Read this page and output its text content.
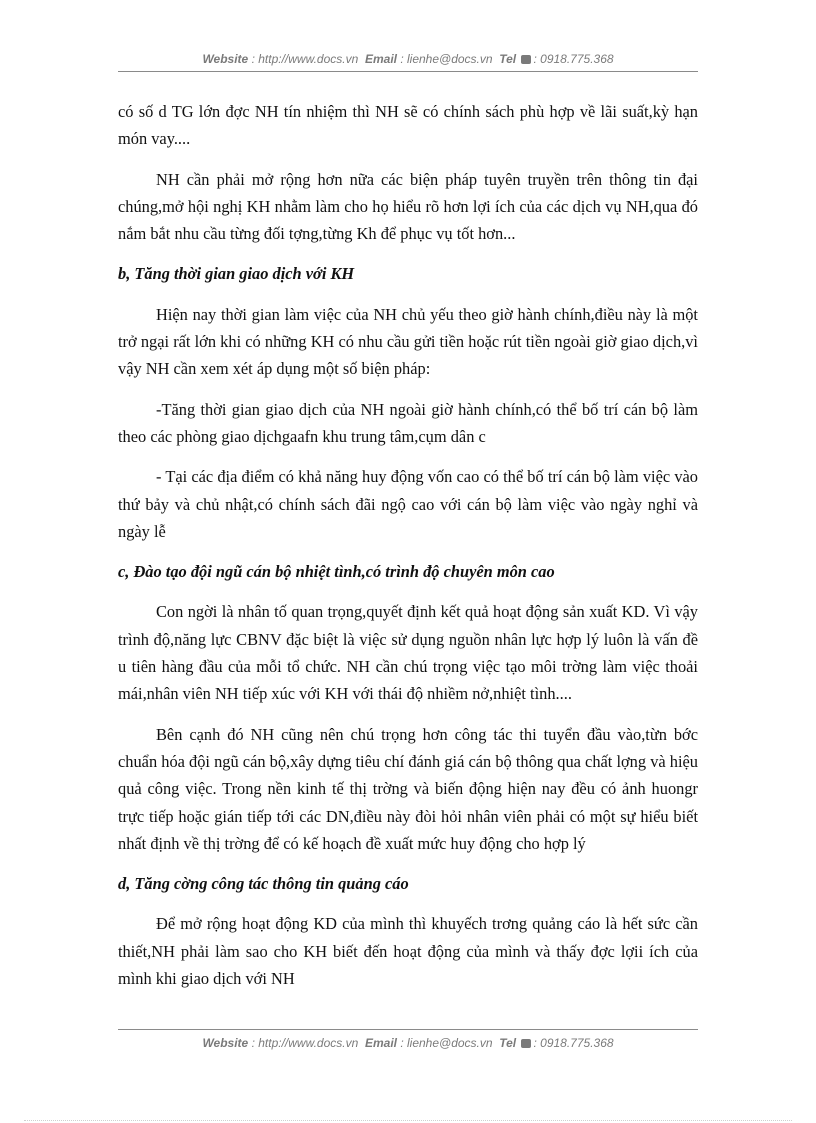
Website : http://www.docs.vn Email : lienhe@docs.vn Tel : 0918.775.368

có số d TG lớn đợc NH tín nhiệm thì NH sẽ có chính sách phù hợp về lãi suất,kỳ hạn món vay....

NH cần phải mở rộng hơn nữa các biện pháp tuyên truyền trên thông tin đại chúng,mở hội nghị KH nhằm làm cho họ hiểu rõ hơn lợi ích của các dịch vụ NH,qua đó nắm bắt nhu cầu từng đối tợng,từng Kh để phục vụ tốt hơn...

b, Tăng thời gian giao dịch với KH

Hiện nay thời gian làm việc của NH chủ yếu theo giờ hành chính,điều này là một trở ngại rất lớn khi có những KH có nhu cầu gửi tiền hoặc rút tiền ngoài giờ giao dịch,vì vậy NH cần xem xét áp dụng một số biện pháp:

-Tăng thời gian giao dịch của NH ngoài giờ hành chính,có thể bố trí cán bộ làm theo các phòng giao dịchgaafn khu trung tâm,cụm dân c

- Tại các địa điểm có khả năng huy động vốn cao có thể bố trí cán bộ làm việc vào thứ bảy và chủ nhật,có chính sách đãi ngộ cao với cán bộ làm việc vào ngày nghỉ và ngày lễ

c, Đào tạo đội ngũ cán bộ nhiệt tình,có trình độ chuyên môn cao

Con ngời là nhân tố quan trọng,quyết định kết quả hoạt động sản xuất KD. Vì vậy trình độ,năng lực CBNV đặc biệt là việc sử dụng nguồn nhân lực hợp lý luôn là vấn đề u tiên hàng đầu của mỗi tổ chức. NH cần chú trọng việc tạo môi trờng làm việc thoải mái,nhân viên NH tiếp xúc với KH với thái độ nhiềm nở,nhiệt tình....

Bên cạnh đó NH cũng nên chú trọng hơn công tác thi tuyển đầu vào,từn bớc chuẩn hóa đội ngũ cán bộ,xây dựng tiêu chí đánh giá cán bộ thông qua chất lợng và hiệu quả công việc. Trong nền kinh tế thị trờng và biến động hiện nay đều có ảnh huongr trực tiếp hoặc gián tiếp tới các DN,điều này đòi hỏi nhân viên phải có một sự hiểu biết nhất định về thị trờng để có kế hoạch đề xuất mức huy động cho hợp lý

d, Tăng cờng công tác thông tin quảng cáo

Để mở rộng hoạt động KD của mình thì khuyếch trơng quảng cáo là hết sức cần thiết,NH phải làm sao cho KH biết đến hoạt động của mình và thấy đợc lợii ích của mình khi giao dịch với NH

Website : http://www.docs.vn Email : lienhe@docs.vn Tel : 0918.775.368
